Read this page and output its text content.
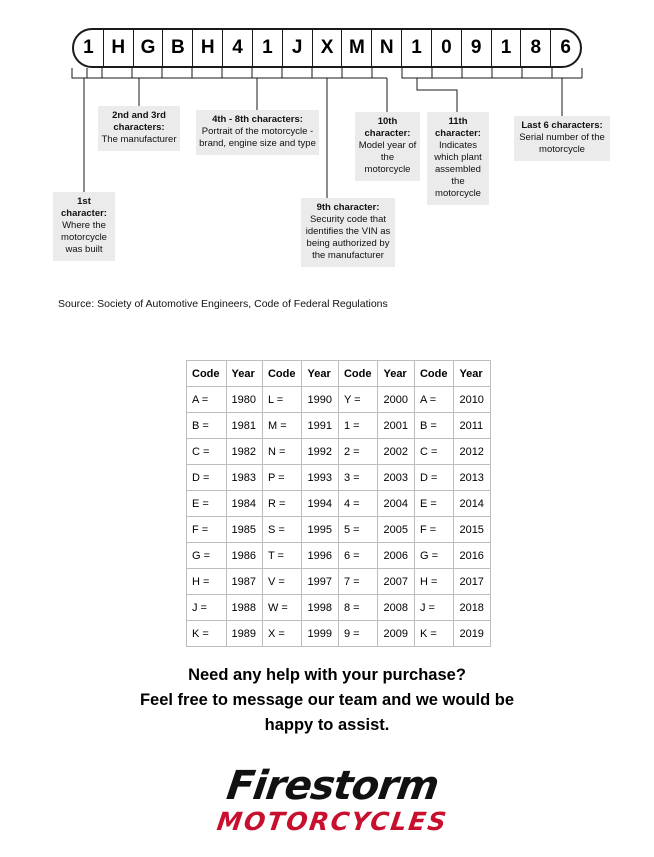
1 H G B H 4	1	J X M N 1	0	9	1	8	6
1st character:
Where the motorcycle was built
2nd and 3rd characters:
The manufacturer
4th - 8th characters:
Portrait of the motorcycle - brand, engine size and type
10th character:
Model year of the motorcycle
11th character:
Indicates which plant assembled the motorcycle
Last 6 characters:
Serial number of the motorcycle
9th character:
Security code that identifies the VIN as being authorized by the manufacturer
Source: Society of Automotive Engineers, Code of Federal Regulations
Code	Year	Code	Year	Code	Year	Code	Year
A =	1980	L =	1990	Y =	2000	A =	2010
B =	1981	M =	1991	1 =	2001	B =	2011
C =	1982	N =	1992	2 =	2002	C =	2012
D =	1983	P =	1993	3 =	2003	D =	2013
E =	1984	R =	1994	4 =	2004	E =	2014
F =	1985	S =	1995	5 =	2005	F =	2015
G =	1986	T =	1996	6 =	2006	G =	2016
H =	1987	V =	1997	7 =	2007	H =	2017
J =	1988	W =	1998	8 =	2008	J =	2018
K =	1989	X =	1999	9 =	2009	K =	2019
Need any help with your purchase?
Feel free to message our team and we would be
happy to assist.
Firestorm
MOTORCYCLES
